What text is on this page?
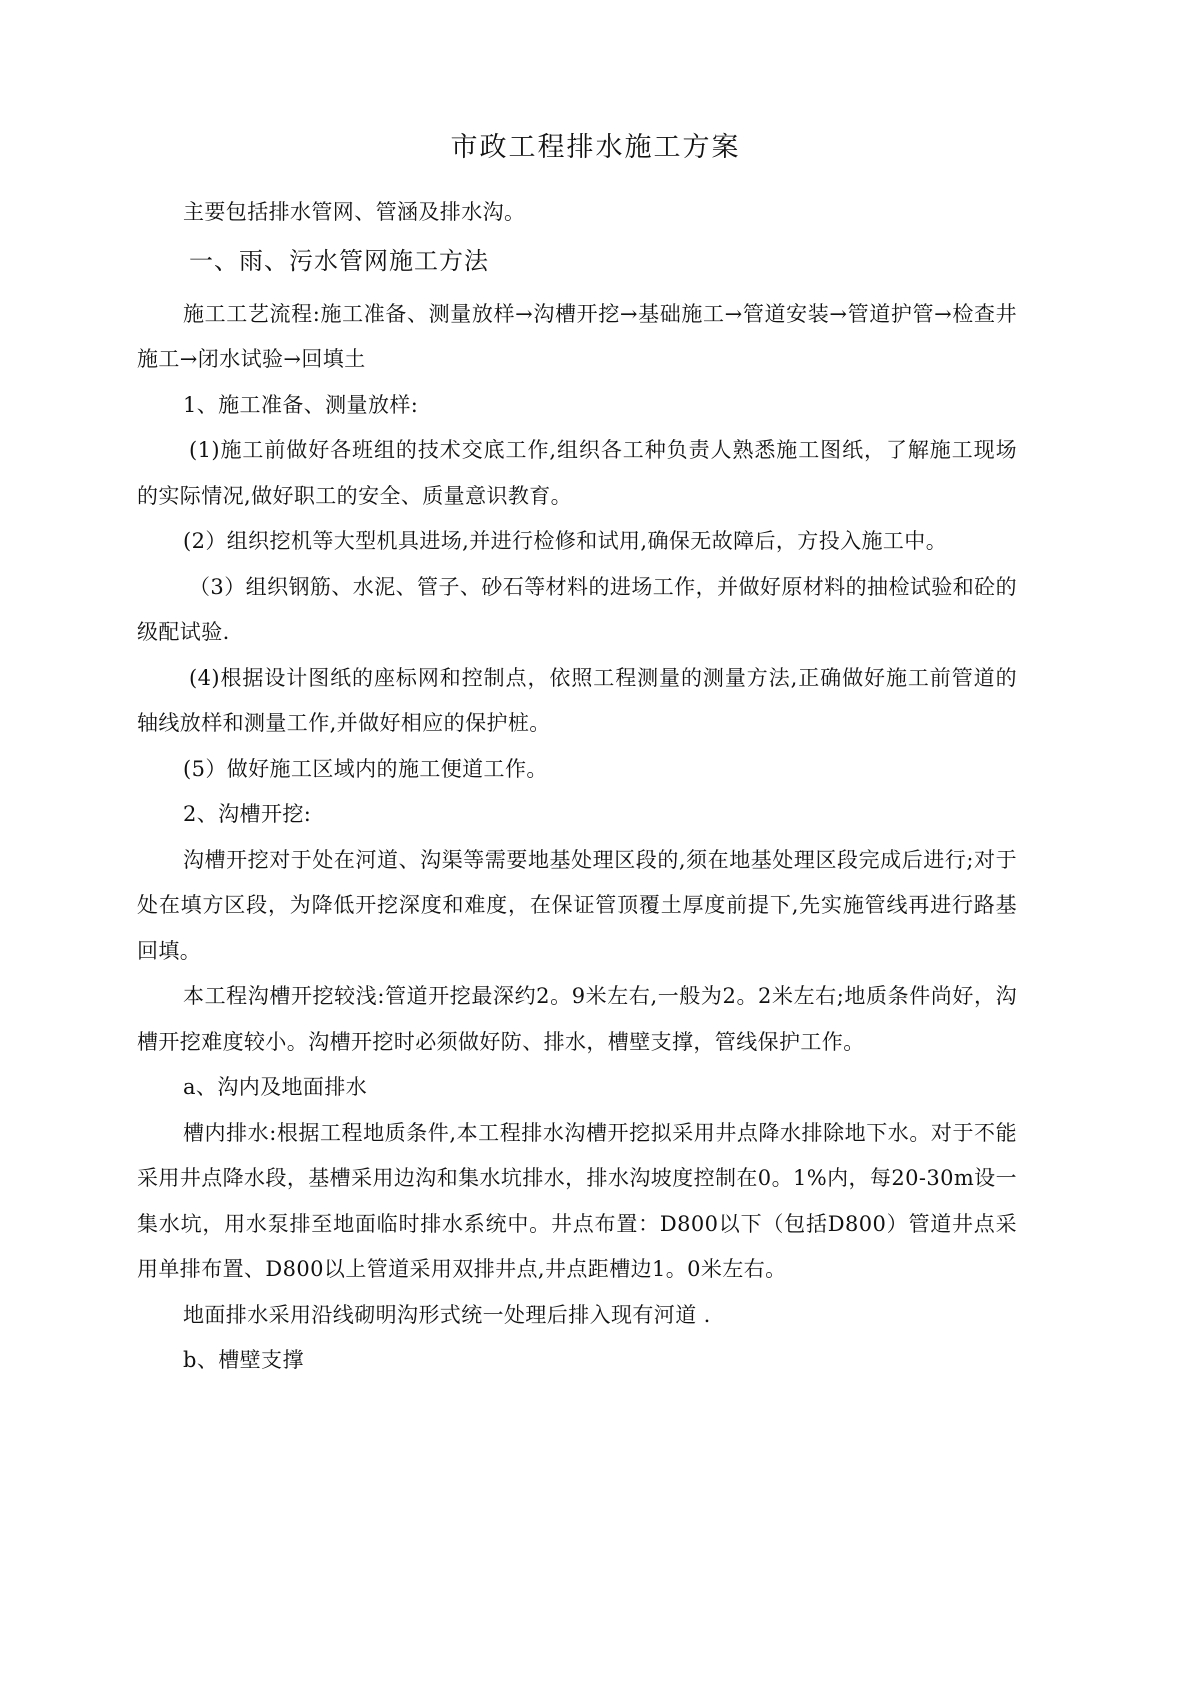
市政工程排水施工方案

主要包括排水管网、管涵及排水沟。

一、雨、污水管网施工方法

施工工艺流程:施工准备、测量放样→沟槽开挖→基础施工→管道安装→管道护管→检查井施工→闭水试验→回填土

1、施工准备、测量放样:

(1)施工前做好各班组的技术交底工作,组织各工种负责人熟悉施工图纸，了解施工现场的实际情况,做好职工的安全、质量意识教育。

(2）组织挖机等大型机具进场,并进行检修和试用,确保无故障后，方投入施工中。

（3）组织钢筋、水泥、管子、砂石等材料的进场工作，并做好原材料的抽检试验和砼的级配试验.

(4)根据设计图纸的座标网和控制点，依照工程测量的测量方法,正确做好施工前管道的轴线放样和测量工作,并做好相应的保护桩。

(5）做好施工区域内的施工便道工作。

2、沟槽开挖:

沟槽开挖对于处在河道、沟渠等需要地基处理区段的,须在地基处理区段完成后进行;对于处在填方区段，为降低开挖深度和难度，在保证管顶覆土厚度前提下,先实施管线再进行路基回填。

本工程沟槽开挖较浅:管道开挖最深约2。9米左右,一般为2。2米左右;地质条件尚好，沟槽开挖难度较小。沟槽开挖时必须做好防、排水，槽壁支撑，管线保护工作。

a、沟内及地面排水

槽内排水:根据工程地质条件,本工程排水沟槽开挖拟采用井点降水排除地下水。对于不能采用井点降水段，基槽采用边沟和集水坑排水，排水沟坡度控制在0。1%内，每20-30m设一集水坑，用水泵排至地面临时排水系统中。井点布置：D800以下（包括D800）管道井点采用单排布置、D800以上管道采用双排井点,井点距槽边1。0米左右。

地面排水采用沿线砌明沟形式统一处理后排入现有河道 .

b、槽壁支撑
